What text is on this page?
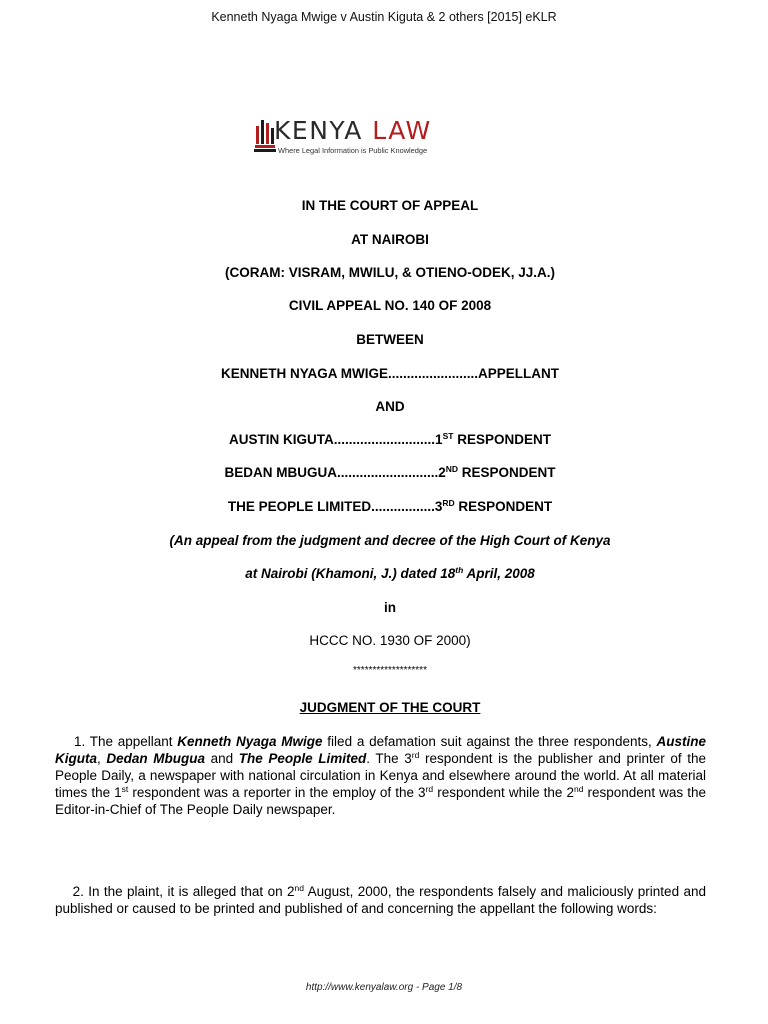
Kenneth Nyaga Mwige v Austin Kiguta & 2 others [2015] eKLR
KENYA LAW
Where Legal Information is Public Knowledge
IN THE COURT OF APPEAL
AT NAIROBI
(CORAM: VISRAM, MWILU, & OTIENO-ODEK, JJ.A.)
CIVIL APPEAL NO. 140 OF 2008
BETWEEN
KENNETH NYAGA MWIGE........................APPELLANT
AND
AUSTIN KIGUTA...........................1ST RESPONDENT
BEDAN MBUGUA...........................2ND RESPONDENT
THE PEOPLE LIMITED.................3RD RESPONDENT
(An appeal from the judgment and decree of the High Court of Kenya
at Nairobi (Khamoni, J.) dated 18th April, 2008
in
HCCC NO. 1930 OF 2000)
*******************
JUDGMENT OF THE COURT
1. The appellant Kenneth Nyaga Mwige filed a defamation suit against the three respondents, Austine Kiguta, Dedan Mbugua and The People Limited. The 3rd respondent is the publisher and printer of the People Daily, a newspaper with national circulation in Kenya and elsewhere around the world. At all material times the 1st respondent was a reporter in the employ of the 3rd respondent while the 2nd respondent was the Editor-in-Chief of The People Daily newspaper.
2. In the plaint, it is alleged that on 2nd August, 2000, the respondents falsely and maliciously printed and published or caused to be printed and published of and concerning the appellant the following words:
http://www.kenyalaw.org - Page 1/8
